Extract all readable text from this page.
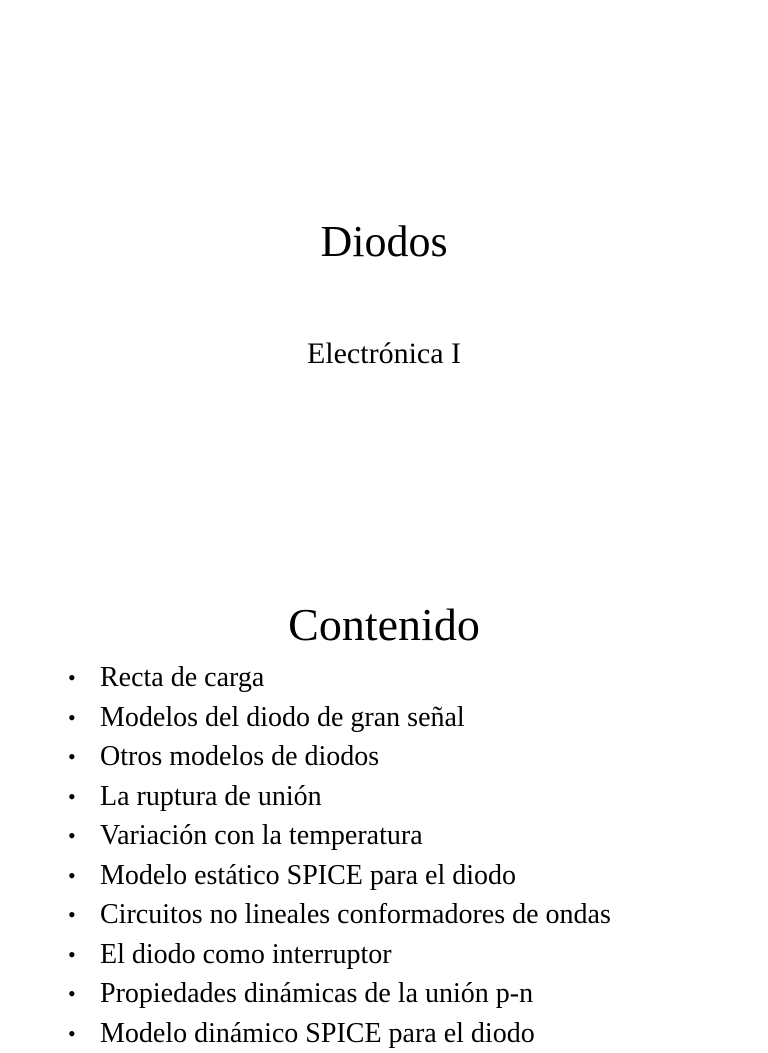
Diodos
Electrónica I
Contenido
• Recta de carga
• Modelos del diodo de gran señal
• Otros modelos de diodos
• La ruptura de unión
• Variación con la temperatura
• Modelo estático SPICE para el diodo
• Circuitos no lineales conformadores de ondas
• El diodo como interruptor
• Propiedades dinámicas de la unión p-n
• Modelo dinámico SPICE para el diodo
